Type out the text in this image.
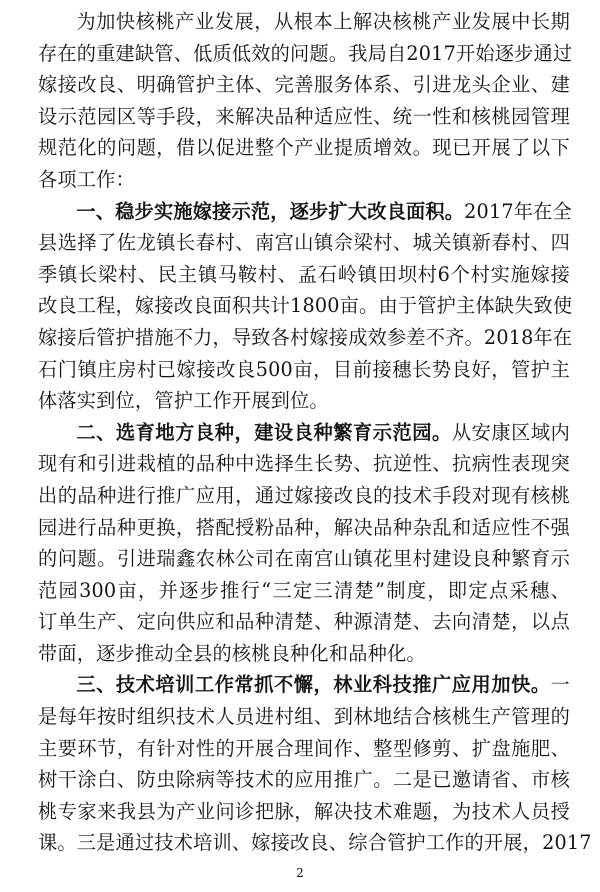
为加快核桃产业发展，从根本上解决核桃产业发展中长期
存在的重建缺管、低质低效的问题。我局自2017开始逐步通过
嫁接改良、明确管护主体、完善服务体系、引进龙头企业、建
设示范园区等手段，来解决品种适应性、统一性和核桃园管理
规范化的问题，借以促进整个产业提质增效。现已开展了以下
各项工作：
一、稳步实施嫁接示范，逐步扩大改良面积。2017年在全
县选择了佐龙镇长春村、南宫山镇佘梁村、城关镇新春村、四
季镇长梁村、民主镇马鞍村、孟石岭镇田坝村6个村实施嫁接
改良工程，嫁接改良面积共计1800亩。由于管护主体缺失致使
嫁接后管护措施不力，导致各村嫁接成效参差不齐。2018年在
石门镇庄房村已嫁接改良500亩，目前接穗长势良好，管护主
体落实到位，管护工作开展到位。
二、选育地方良种，建设良种繁育示范园。从安康区域内
现有和引进栽植的品种中选择生长势、抗逆性、抗病性表现突
出的品种进行推广应用，通过嫁接改良的技术手段对现有核桃
园进行品种更换，搭配授粉品种，解决品种杂乱和适应性不强
的问题。引进瑞鑫农林公司在南宫山镇花里村建设良种繁育示
范园300亩，并逐步推行“三定三清楚”制度，即定点采穗、
订单生产、定向供应和品种清楚、种源清楚、去向清楚，以点
带面，逐步推动全县的核桃良种化和品种化。
三、技术培训工作常抓不懈，林业科技推广应用加快。一
是每年按时组织技术人员进村组、到林地结合核桃生产管理的
主要环节，有针对性的开展合理间作、整型修剪、扩盘施肥、
树干涂白、防虫除病等技术的应用推广。二是已邀请省、市核
桃专家来我县为产业问诊把脉，解决技术难题，为技术人员授
课。三是通过技术培训、嫁接改良、综合管护工作的开展，2017
2
